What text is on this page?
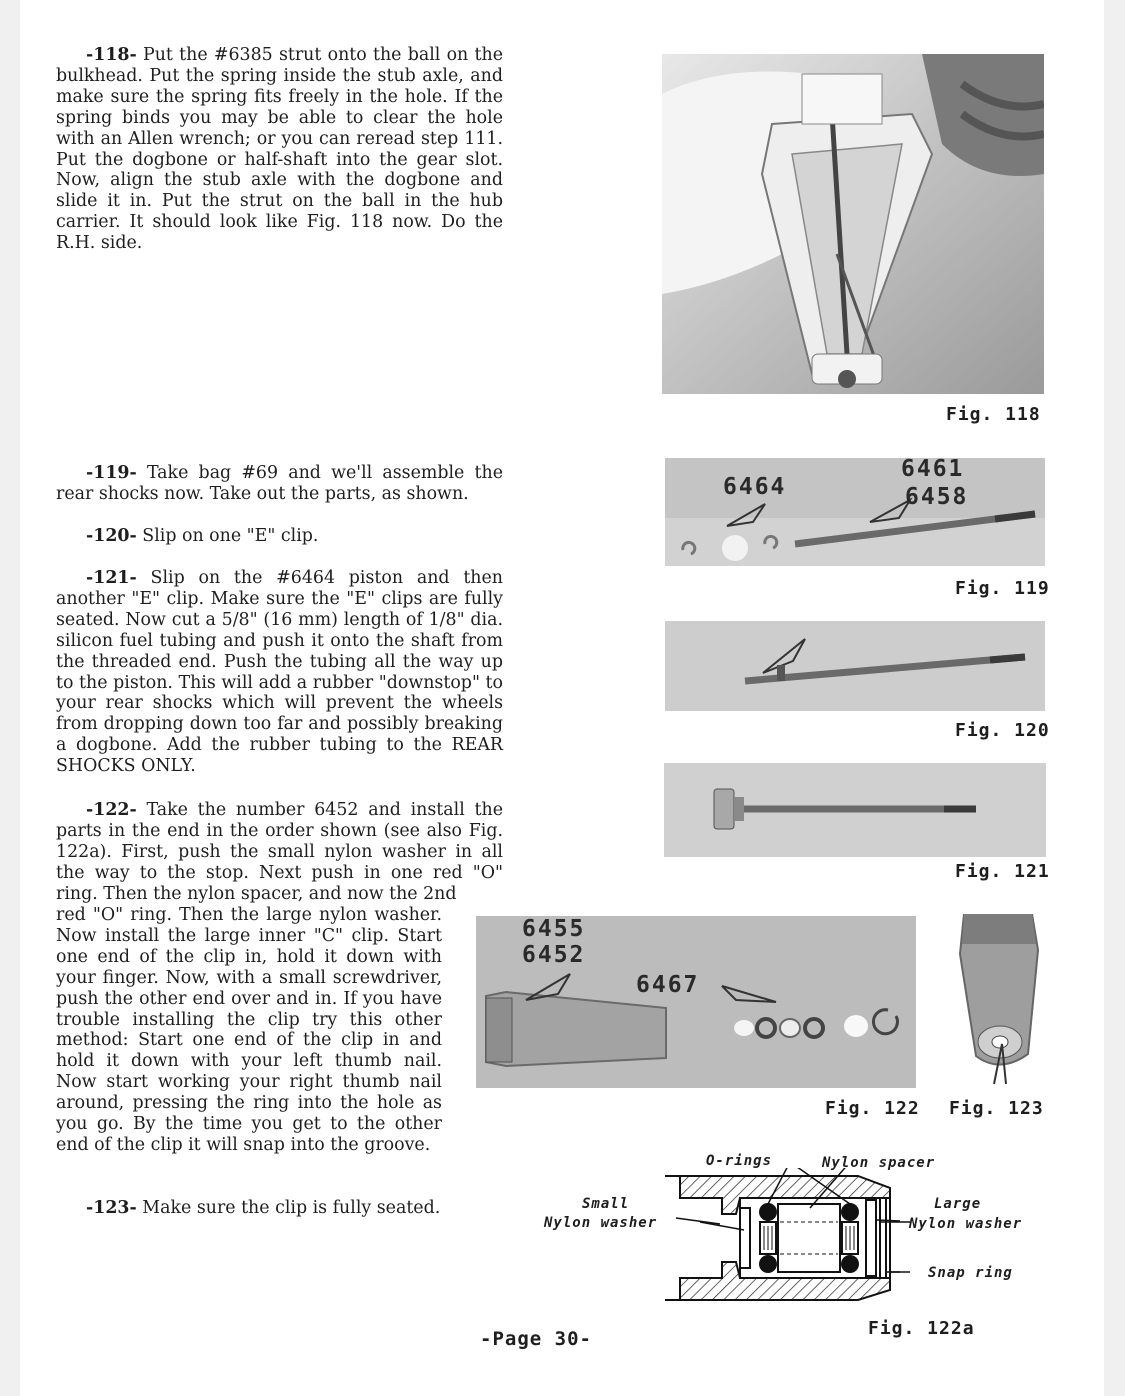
-118- Put the #6385 strut onto the ball on the bulkhead. Put the spring inside the stub axle, and make sure the spring fits freely in the hole. If the spring binds you may be able to clear the hole with an Allen wrench; or you can reread step 111. Put the dogbone or half-shaft into the gear slot. Now, align the stub axle with the dogbone and slide it in. Put the strut on the ball in the hub carrier. It should look like Fig. 118 now. Do the R.H. side.

Fig. 118

-119- Take bag #69 and we'll assemble the rear shocks now. Take out the parts, as shown.

-120- Slip on one "E" clip.

-121- Slip on the #6464 piston and then another "E" clip. Make sure the "E" clips are fully seated. Now cut a 5/8" (16 mm) length of 1/8" dia. silicon fuel tubing and push it onto the shaft from the threaded end. Push the tubing all the way up to the piston. This will add a rubber "downstop" to your rear shocks which will prevent the wheels from dropping down too far and possibly breaking a dogbone. Add the rubber tubing to the REAR SHOCKS ONLY.

6464
6461
6458
Fig. 119
Fig. 120
Fig. 121

-122- Take the number 6452 and install the parts in the end in the order shown (see also Fig. 122a). First, push the small nylon washer in all the way to the stop. Next push in one red "O" ring. Then the nylon spacer, and now the 2nd

red "O" ring. Then the large nylon washer. Now install the large inner "C" clip. Start one end of the clip in, hold it down with your finger. Now, with a small screwdriver, push the other end over and in. If you have trouble installing the clip try this other method: Start one end of the clip in and hold it down with your left thumb nail. Now start working your right thumb nail around, pressing the ring into the hole as you go. By the time you get to the other end of the clip it will snap into the groove.

-123- Make sure the clip is fully seated.

6455
6452
6467
Fig. 122 Fig. 123
O-rings	Nylon spacer
Small
Nylon washer
Large
Nylon washer
Snap ring
Fig. 122a
-Page 30-
